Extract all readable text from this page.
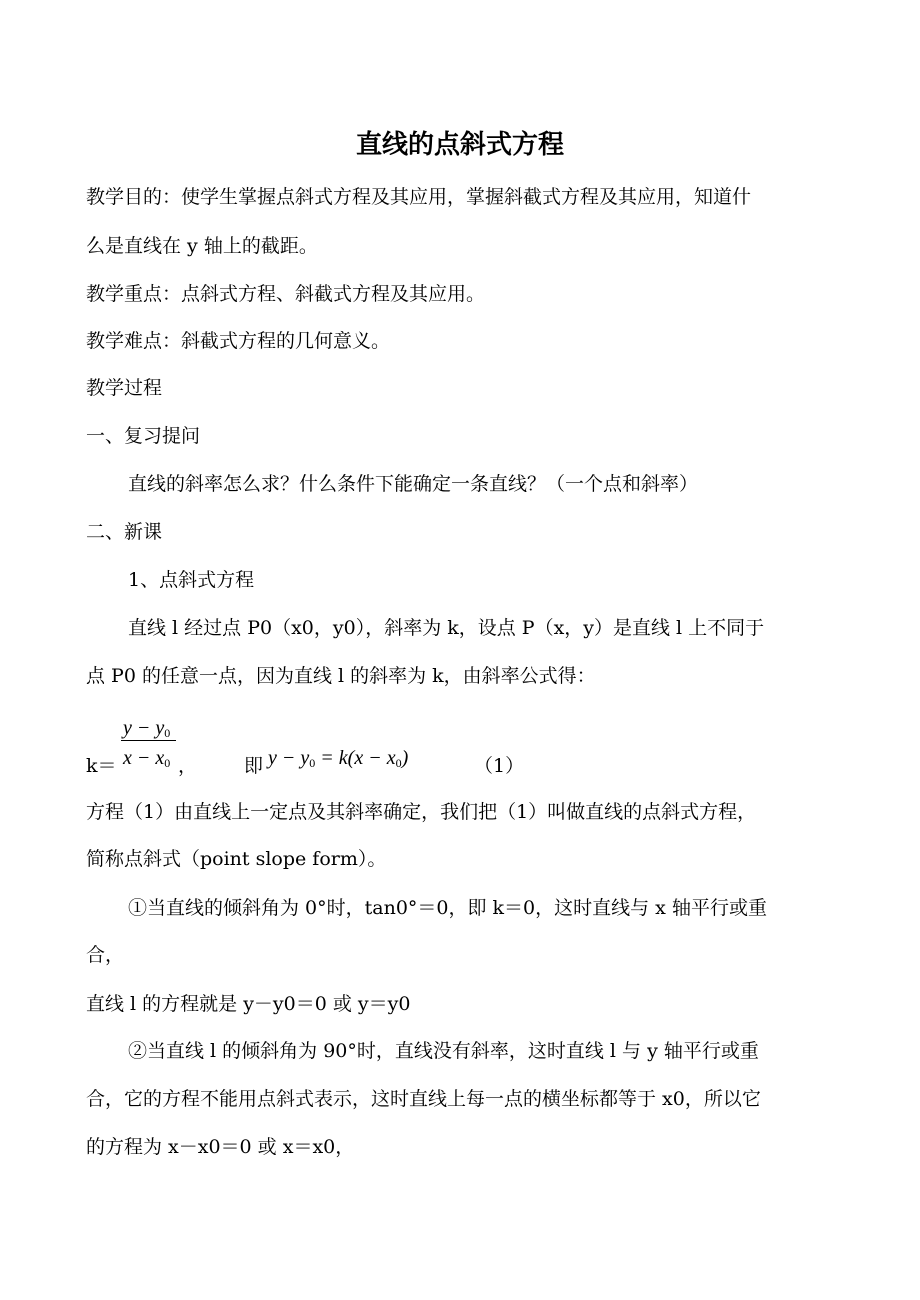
直线的点斜式方程
教学目的：使学生掌握点斜式方程及其应用，掌握斜截式方程及其应用，知道什
么是直线在 y 轴上的截距。
教学重点：点斜式方程、斜截式方程及其应用。
教学难点：斜截式方程的几何意义。
教学过程
一、复习提问
直线的斜率怎么求？什么条件下能确定一条直线？（一个点和斜率）
二、新课
1、点斜式方程
直线 l 经过点 P0（x0，y0），斜率为 k，设点 P（x，y）是直线 l 上不同于
点 P0 的任意一点，因为直线 l 的斜率为 k，由斜率公式得：
k＝
$y - y_0$
$x - x_0$ ， 即 $y - y_0 = k(x - x_0)$	（1）
方程（1）由直线上一定点及其斜率确定，我们把（1）叫做直线的点斜式方程，
简称点斜式（point slope form）。
①当直线的倾斜角为 0°时，tan0°＝0，即 k＝0，这时直线与 x 轴平行或重
合，
直线 l 的方程就是 y－y0＝0 或 y＝y0
②当直线 l 的倾斜角为 90°时，直线没有斜率，这时直线 l 与 y 轴平行或重
合，它的方程不能用点斜式表示，这时直线上每一点的横坐标都等于 x0，所以它
的方程为 x－x0＝0 或 x＝x0，
